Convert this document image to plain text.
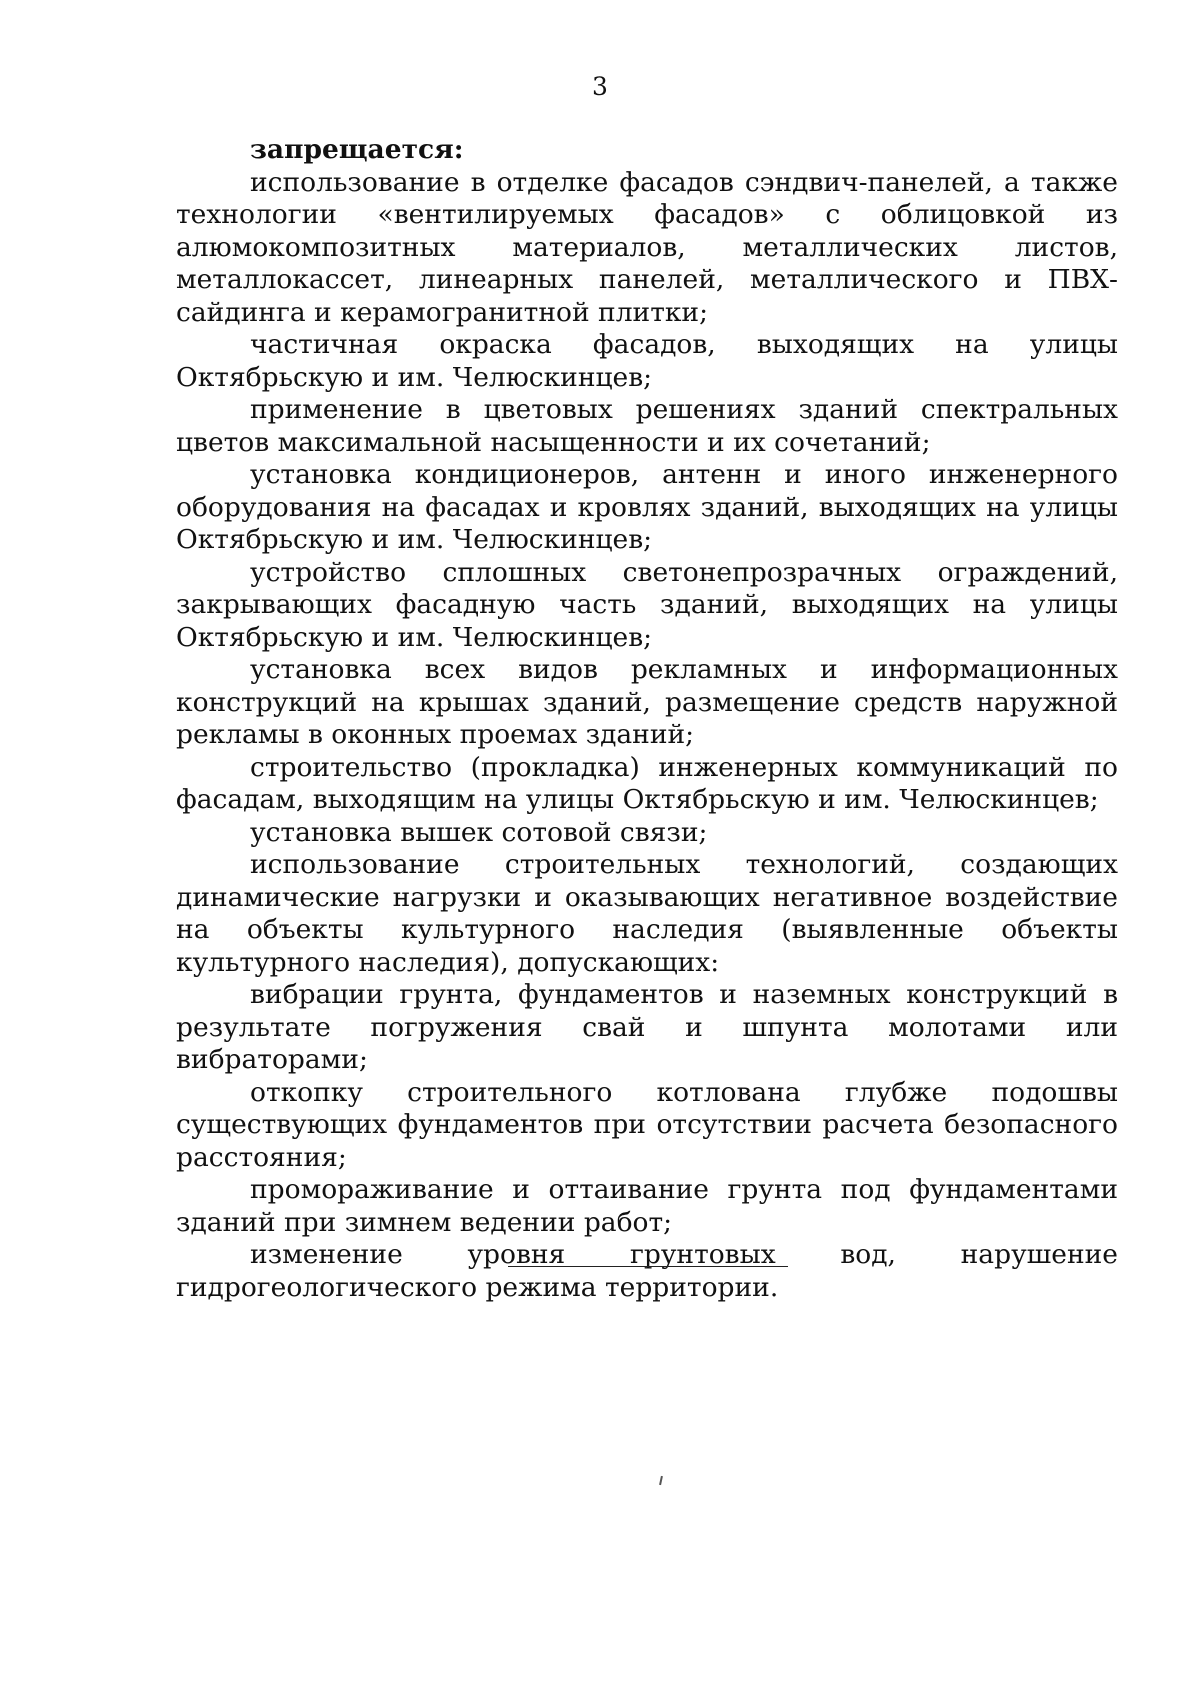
3

запрещается:

использование в отделке фасадов сэндвич-панелей, а также технологии «вентилируемых фасадов» с облицовкой из алюмокомпозитных материалов, металлических листов, металлокассет, линеарных панелей, металлического и ПВХ-сайдинга и керамогранитной плитки;

частичная окраска фасадов, выходящих на улицы Октябрьскую и им. Челюскинцев;

применение в цветовых решениях зданий спектральных цветов максимальной насыщенности и их сочетаний;

установка кондиционеров, антенн и иного инженерного оборудования на фасадах и кровлях зданий, выходящих на улицы Октябрьскую и им. Челюскинцев;

устройство сплошных светонепрозрачных ограждений, закрывающих фасадную часть зданий, выходящих на улицы Октябрьскую и им. Челюскинцев;

установка всех видов рекламных и информационных конструкций на крышах зданий, размещение средств наружной рекламы в оконных проемах зданий;

строительство (прокладка) инженерных коммуникаций по фасадам, выходящим на улицы Октябрьскую и им. Челюскинцев;

установка вышек сотовой связи;

использование строительных технологий, создающих динамические нагрузки и оказывающих негативное воздействие на объекты культурного наследия (выявленные объекты культурного наследия), допускающих:

вибрации грунта, фундаментов и наземных конструкций в результате погружения свай и шпунта молотами или вибраторами;

откопку строительного котлована глубже подошвы существующих фундаментов при отсутствии расчета безопасного расстояния;

промораживание и оттаивание грунта под фундаментами зданий при зимнем ведении работ;

изменение уровня грунтовых вод, нарушение гидрогеологического режима территории.
